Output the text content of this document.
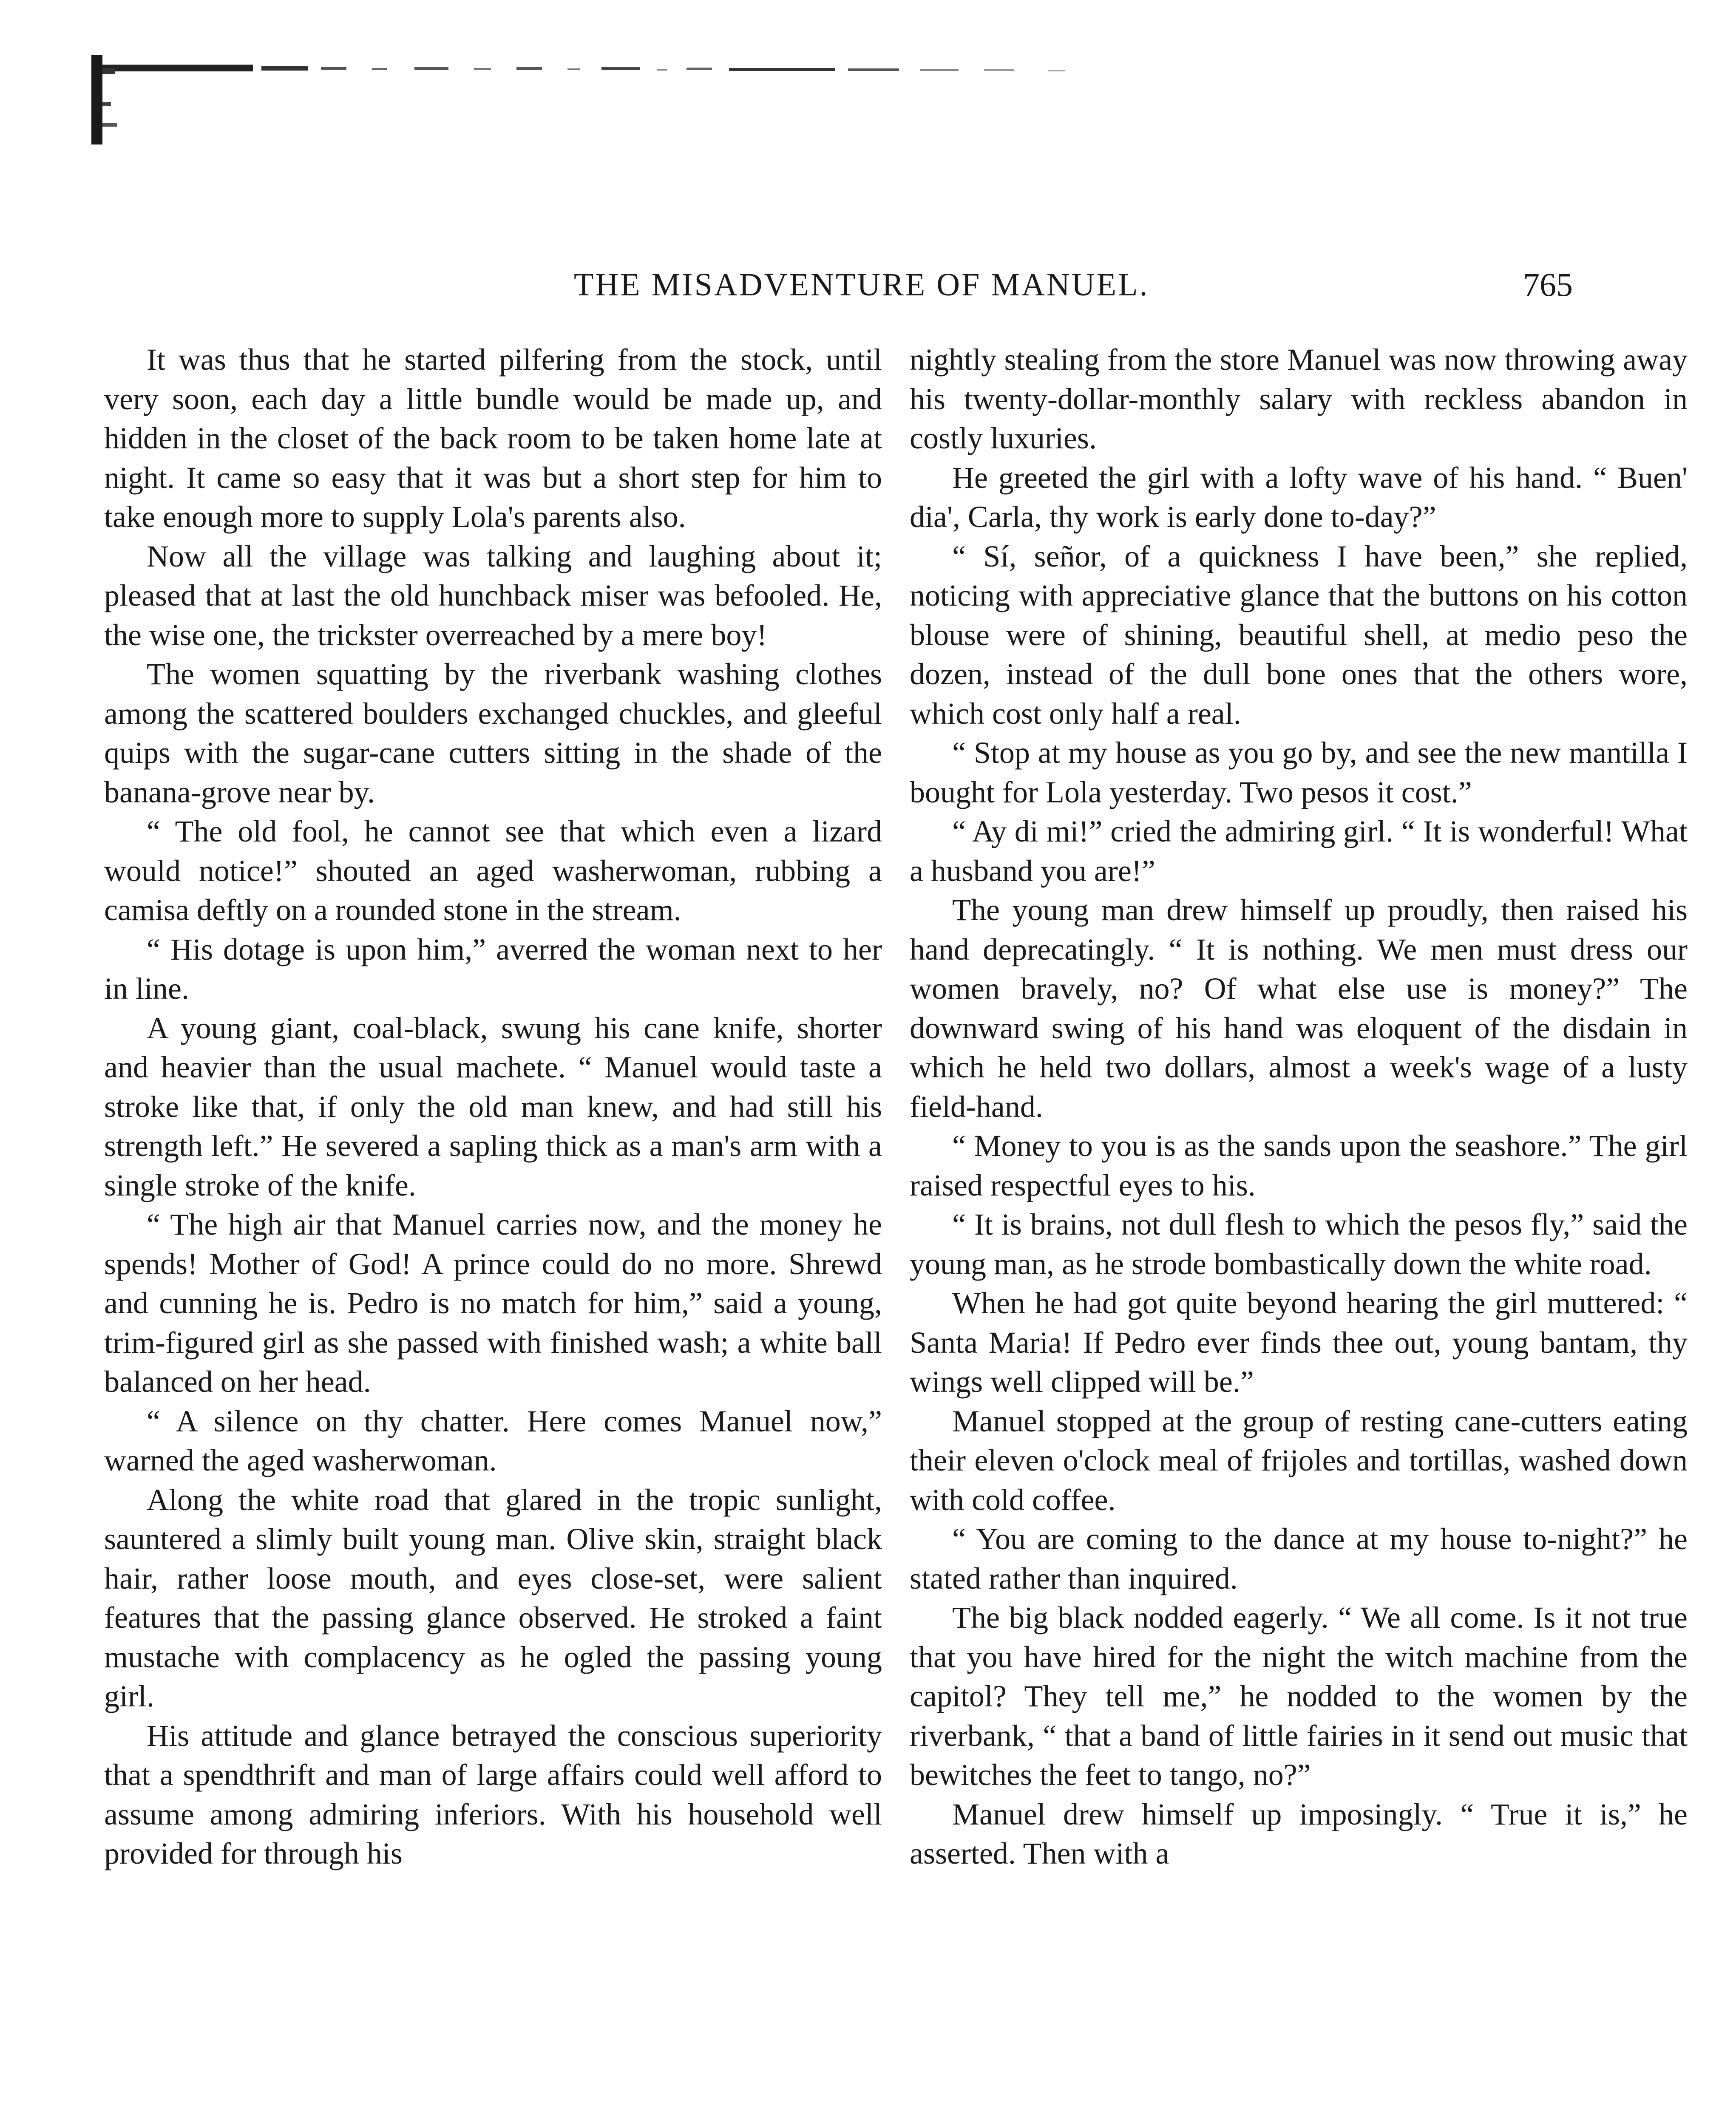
THE MISADVENTURE OF MANUEL.	765

It was thus that he started pilfering from the stock, until very soon, each day a little bundle would be made up, and hidden in the closet of the back room to be taken home late at night. It came so easy that it was but a short step for him to take enough more to supply Lola's parents also.

Now all the village was talking and laughing about it; pleased that at last the old hunchback miser was befooled. He, the wise one, the trickster overreached by a mere boy!

The women squatting by the riverbank washing clothes among the scattered boulders exchanged chuckles, and gleeful quips with the sugar-cane cutters sitting in the shade of the banana-grove near by.

“ The old fool, he cannot see that which even a lizard would notice!” shouted an aged washerwoman, rubbing a camisa deftly on a rounded stone in the stream.

“ His dotage is upon him,” averred the woman next to her in line.

A young giant, coal-black, swung his cane knife, shorter and heavier than the usual machete. “ Manuel would taste a stroke like that, if only the old man knew, and had still his strength left.” He severed a sapling thick as a man's arm with a single stroke of the knife.

“ The high air that Manuel carries now, and the money he spends! Mother of God! A prince could do no more. Shrewd and cunning he is. Pedro is no match for him,” said a young, trim-figured girl as she passed with finished wash; a white ball balanced on her head.

“ A silence on thy chatter. Here comes Manuel now,” warned the aged washerwoman.

Along the white road that glared in the tropic sunlight, sauntered a slimly built young man. Olive skin, straight black hair, rather loose mouth, and eyes close-set, were salient features that the passing glance observed. He stroked a faint mustache with complacency as he ogled the passing young girl.

His attitude and glance betrayed the conscious superiority that a spendthrift and man of large affairs could well afford to assume among admiring inferiors. With his household well provided for through his

nightly stealing from the store Manuel was now throwing away his twenty-dollar-monthly salary with reckless abandon in costly luxuries.

He greeted the girl with a lofty wave of his hand. “ Buen' dia', Carla, thy work is early done to-day?”

“ Sí, señor, of a quickness I have been,” she replied, noticing with appreciative glance that the buttons on his cotton blouse were of shining, beautiful shell, at medio peso the dozen, instead of the dull bone ones that the others wore, which cost only half a real.

“ Stop at my house as you go by, and see the new mantilla I bought for Lola yesterday. Two pesos it cost.”

“ Ay di mi!” cried the admiring girl. “ It is wonderful! What a husband you are!”

The young man drew himself up proudly, then raised his hand deprecatingly. “ It is nothing. We men must dress our women bravely, no? Of what else use is money?” The downward swing of his hand was eloquent of the disdain in which he held two dollars, almost a week's wage of a lusty field-hand.

“ Money to you is as the sands upon the seashore.” The girl raised respectful eyes to his.

“ It is brains, not dull flesh to which the pesos fly,” said the young man, as he strode bombastically down the white road.

When he had got quite beyond hearing the girl muttered: “ Santa Maria! If Pedro ever finds thee out, young bantam, thy wings well clipped will be.”

Manuel stopped at the group of resting cane-cutters eating their eleven o'clock meal of frijoles and tortillas, washed down with cold coffee.

“ You are coming to the dance at my house to-night?” he stated rather than inquired.

The big black nodded eagerly. “ We all come. Is it not true that you have hired for the night the witch machine from the capitol? They tell me,” he nodded to the women by the riverbank, “ that a band of little fairies in it send out music that bewitches the feet to tango, no?”

Manuel drew himself up imposingly. “ True it is,” he asserted. Then with a
